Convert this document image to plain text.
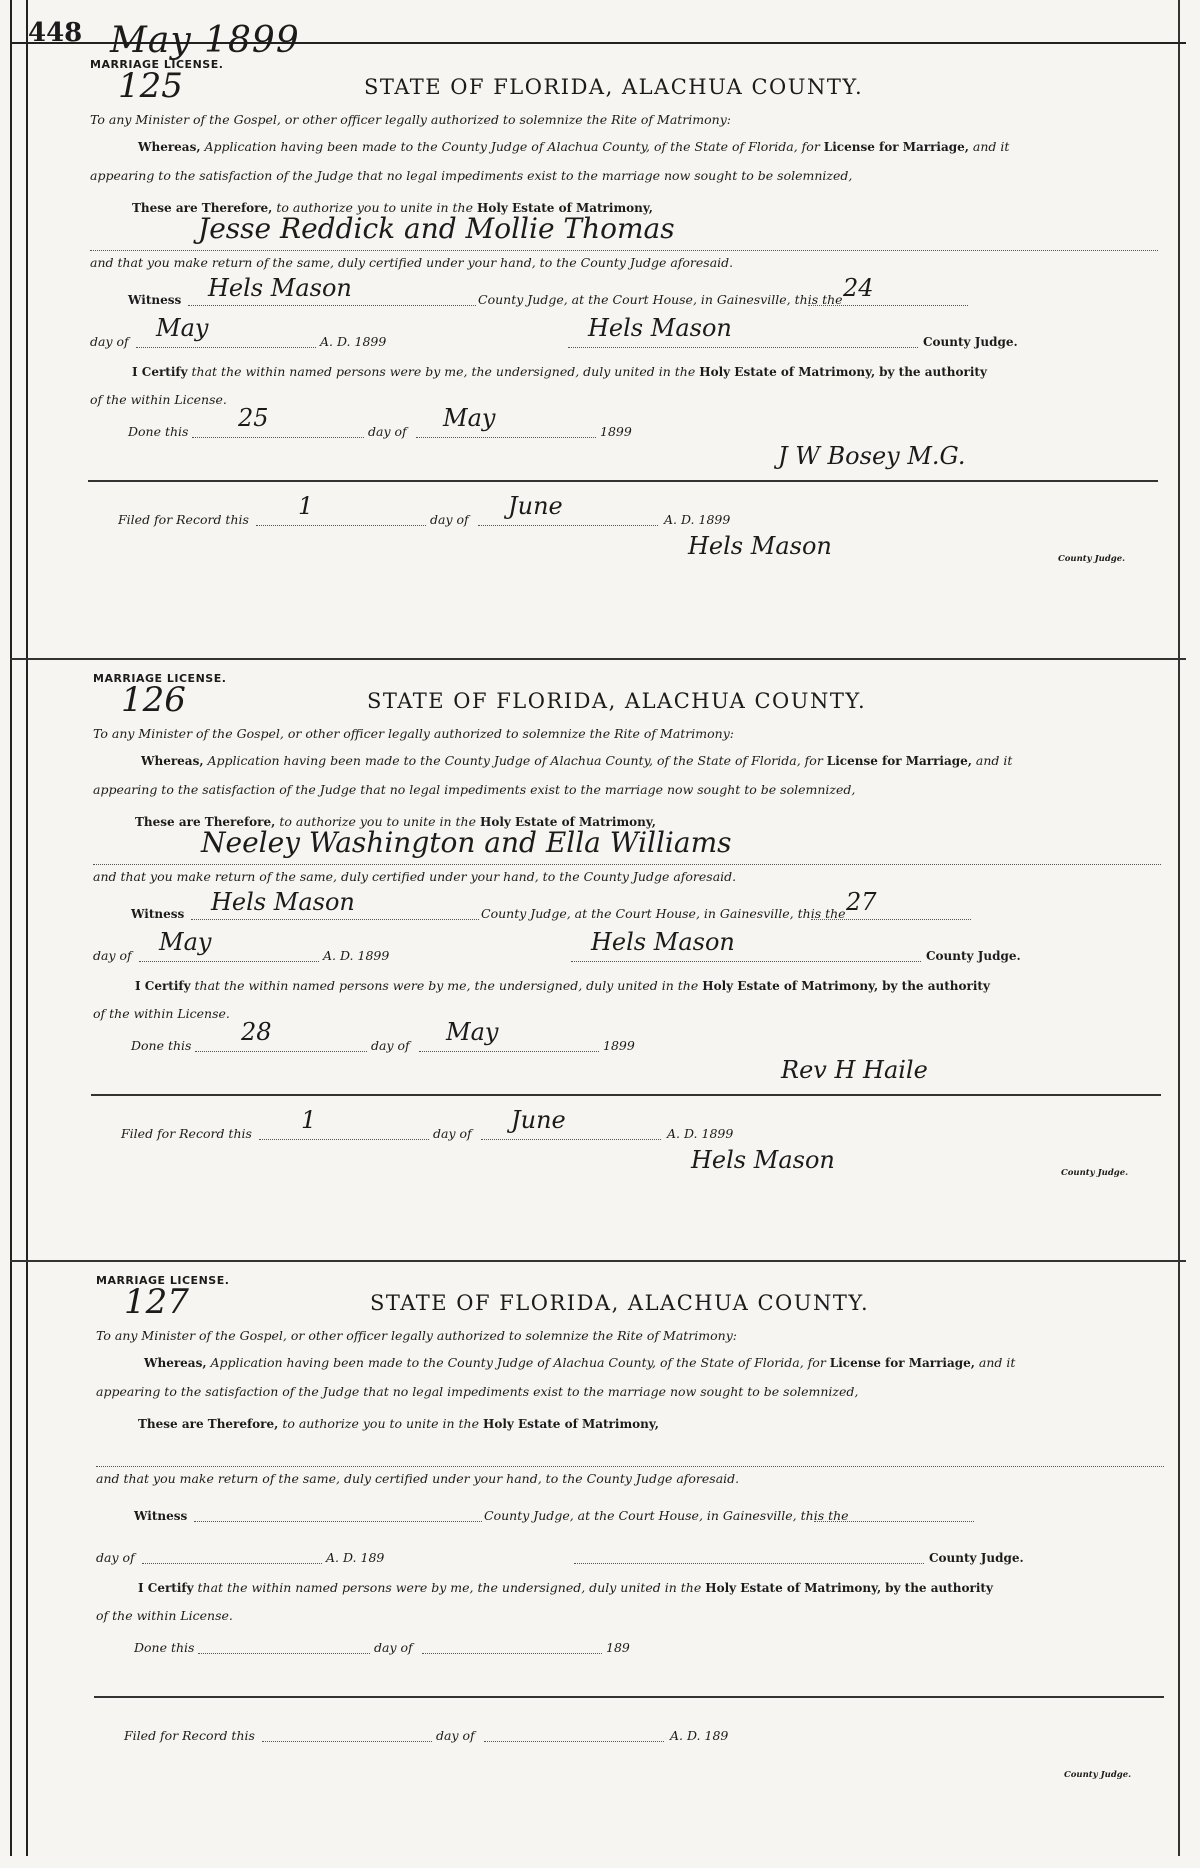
448 May 1899
MARRIAGE LICENSE.
125	STATE OF FLORIDA, ALACHUA COUNTY.
To any Minister of the Gospel, or other officer legally authorized to solemnize the Rite of Matrimony:
Whereas, Application having been made to the County Judge of Alachua County, of the State of Florida, for License for Marriage, and it
appearing to the satisfaction of the Judge that no legal impediments exist to the marriage now sought to be solemnized,
These are Therefore, to authorize you to unite in the Holy Estate of Matrimony,
Jesse Reddick and Mollie Thomas
and that you make return of the same, duly certified under your hand, to the County Judge aforesaid.
Witness Hels Mason	County Judge, at the Court House, in Gainesville, this the 24
day of May	A. D. 1899	Hels Mason	County Judge.
I Certify that the within named persons were by me, the undersigned, duly united in the Holy Estate of Matrimony, by the authority
of the within License.
Done this 25	day of May	1899
J W Bosey M.G.
Filed for Record this 1	day of June	A. D. 1899
Hels Mason	County Judge.
MARRIAGE LICENSE.
126	STATE OF FLORIDA, ALACHUA COUNTY.
To any Minister of the Gospel, or other officer legally authorized to solemnize the Rite of Matrimony:
Whereas, Application having been made to the County Judge of Alachua County, of the State of Florida, for License for Marriage, and it
appearing to the satisfaction of the Judge that no legal impediments exist to the marriage now sought to be solemnized,
These are Therefore, to authorize you to unite in the Holy Estate of Matrimony,
Neeley Washington and Ella Williams
and that you make return of the same, duly certified under your hand, to the County Judge aforesaid.
Witness Hels Mason	County Judge, at the Court House, in Gainesville, this the 27
day of May	A. D. 1899	Hels Mason	County Judge.
I Certify that the within named persons were by me, the undersigned, duly united in the Holy Estate of Matrimony, by the authority
of the within License.
Done this 28	day of May	1899
Rev H Haile
Filed for Record this 1	day of June	A. D. 1899
Hels Mason	County Judge.
MARRIAGE LICENSE.
127	STATE OF FLORIDA, ALACHUA COUNTY.
To any Minister of the Gospel, or other officer legally authorized to solemnize the Rite of Matrimony:
Whereas, Application having been made to the County Judge of Alachua County, of the State of Florida, for License for Marriage, and it
appearing to the satisfaction of the Judge that no legal impediments exist to the marriage now sought to be solemnized,
These are Therefore, to authorize you to unite in the Holy Estate of Matrimony,
and that you make return of the same, duly certified under your hand, to the County Judge aforesaid.
Witness	County Judge, at the Court House, in Gainesville, this the
day of	A. D. 189	County Judge.
I Certify that the within named persons were by me, the undersigned, duly united in the Holy Estate of Matrimony, by the authority
of the within License.
Done this	day of	189
Filed for Record this	day of	A. D. 189
County Judge.
